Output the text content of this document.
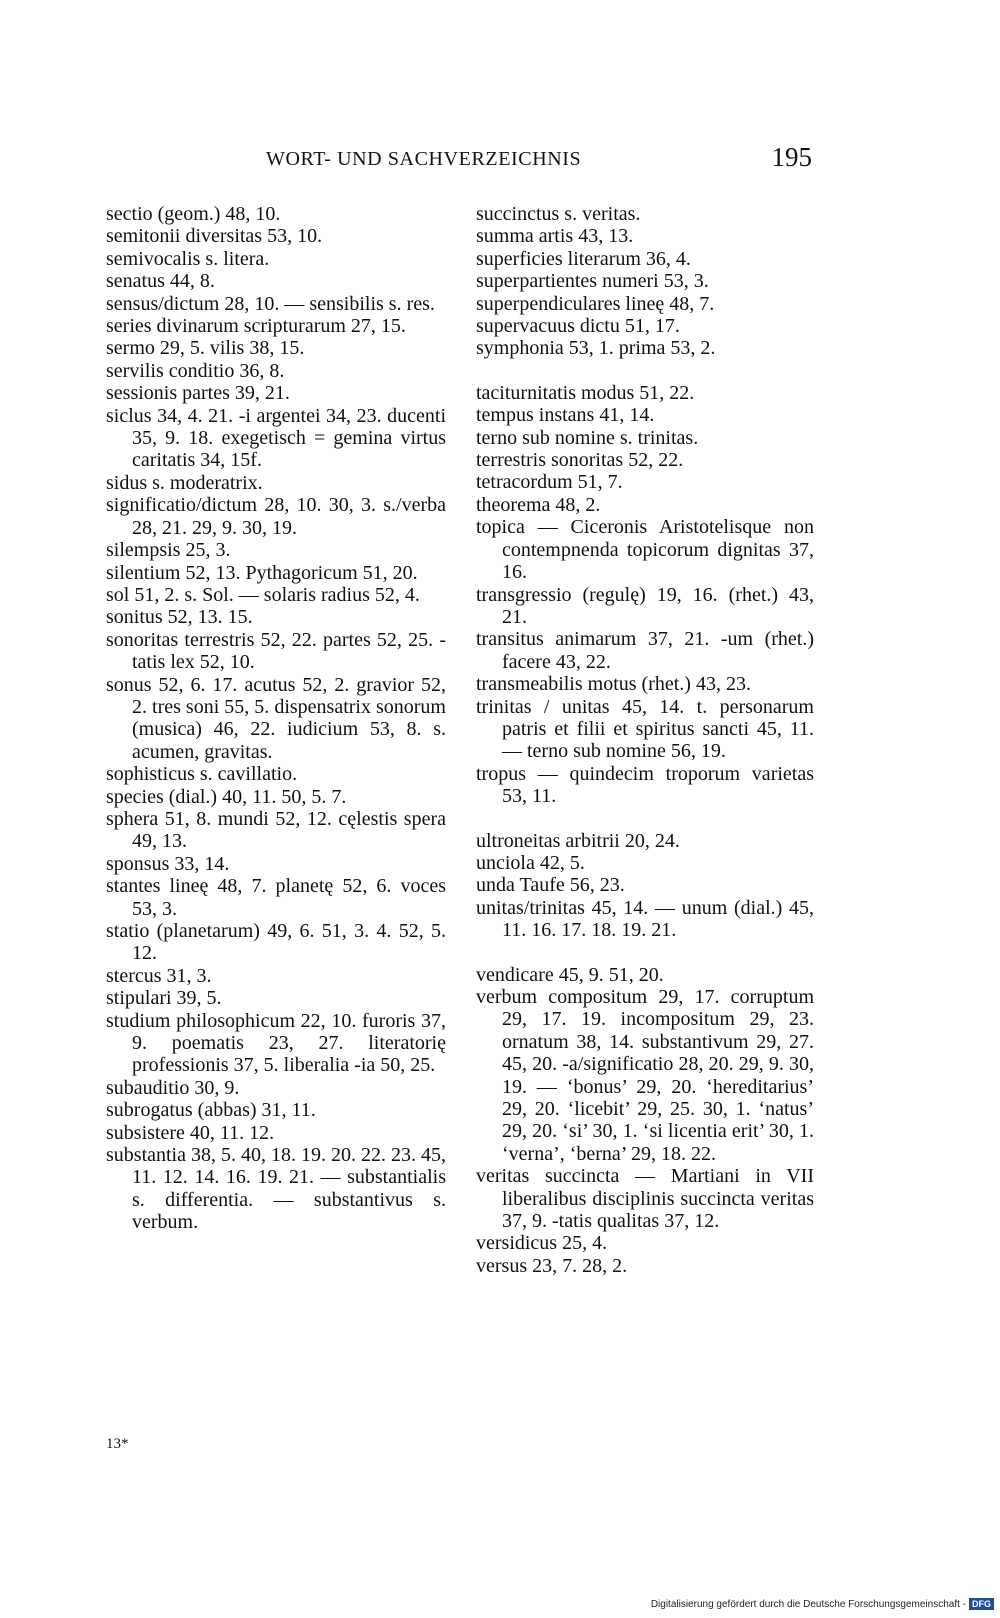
WORT- UND SACHVERZEICHNIS	195
sectio (geom.) 48, 10.
semitonii diversitas 53, 10.
semivocalis s. litera.
senatus 44, 8.
sensus/dictum 28, 10. — sensibilis s. res.
series divinarum scripturarum 27, 15.
sermo 29, 5. vilis 38, 15.
servilis conditio 36, 8.
sessionis partes 39, 21.
siclus 34, 4. 21. -i argentei 34, 23. ducenti 35, 9. 18. exegetisch = gemina virtus caritatis 34, 15f.
sidus s. moderatrix.
significatio/dictum 28, 10. 30, 3. s./verba 28, 21. 29, 9. 30, 19.
silempsis 25, 3.
silentium 52, 13. Pythagoricum 51, 20.
sol 51, 2. s. Sol. — solaris radius 52, 4.
sonitus 52, 13. 15.
sonoritas terrestris 52, 22. partes 52, 25. -tatis lex 52, 10.
sonus 52, 6. 17. acutus 52, 2. gravior 52, 2. tres soni 55, 5. dispensatrix sonorum (musica) 46, 22. iudicium 53, 8. s. acumen, gravitas.
sophisticus s. cavillatio.
species (dial.) 40, 11. 50, 5. 7.
sphera 51, 8. mundi 52, 12. cęlestis spera 49, 13.
sponsus 33, 14.
stantes lineę 48, 7. planetę 52, 6. voces 53, 3.
statio (planetarum) 49, 6. 51, 3. 4. 52, 5. 12.
stercus 31, 3.
stipulari 39, 5.
studium philosophicum 22, 10. furoris 37, 9. poematis 23, 27. literatorię professionis 37, 5. liberalia -ia 50, 25.
subauditio 30, 9.
subrogatus (abbas) 31, 11.
subsistere 40, 11. 12.
substantia 38, 5. 40, 18. 19. 20. 22. 23. 45, 11. 12. 14. 16. 19. 21. — substantialis s. differentia. — substantivus s. verbum.
succinctus s. veritas.
summa artis 43, 13.
superficies literarum 36, 4.
superpartientes numeri 53, 3.
superpendiculares lineę 48, 7.
supervacuus dictu 51, 17.
symphonia 53, 1. prima 53, 2.
taciturnitatis modus 51, 22.
tempus instans 41, 14.
terno sub nomine s. trinitas.
terrestris sonoritas 52, 22.
tetracordum 51, 7.
theorema 48, 2.
topica — Ciceronis Aristotelisque non contempnenda topicorum dignitas 37, 16.
transgressio (regulę) 19, 16. (rhet.) 43, 21.
transitus animarum 37, 21. -um (rhet.) facere 43, 22.
transmeabilis motus (rhet.) 43, 23.
trinitas / unitas 45, 14. t. personarum patris et filii et spiritus sancti 45, 11. — terno sub nomine 56, 19.
tropus — quindecim troporum varietas 53, 11.
ultroneitas arbitrii 20, 24.
unciola 42, 5.
unda Taufe 56, 23.
unitas/trinitas 45, 14. — unum (dial.) 45, 11. 16. 17. 18. 19. 21.
vendicare 45, 9. 51, 20.
verbum compositum 29, 17. corruptum 29, 17. 19. incompositum 29, 23. ornatum 38, 14. substantivum 29, 27. 45, 20. -a/significatio 28, 20. 29, 9. 30, 19. — ‘bonus’ 29, 20. ‘hereditarius’ 29, 20. ‘licebit’ 29, 25. 30, 1. ‘natus’ 29, 20. ‘si’ 30, 1. ‘si licentia erit’ 30, 1. ‘verna’, ‘berna’ 29, 18. 22.
veritas succincta — Martiani in VII liberalibus disciplinis succincta veritas 37, 9. -tatis qualitas 37, 12.
versidicus 25, 4.
versus 23, 7. 28, 2.
13*
Digitalisierung gefördert durch die Deutsche Forschungsgemeinschaft - DFG
